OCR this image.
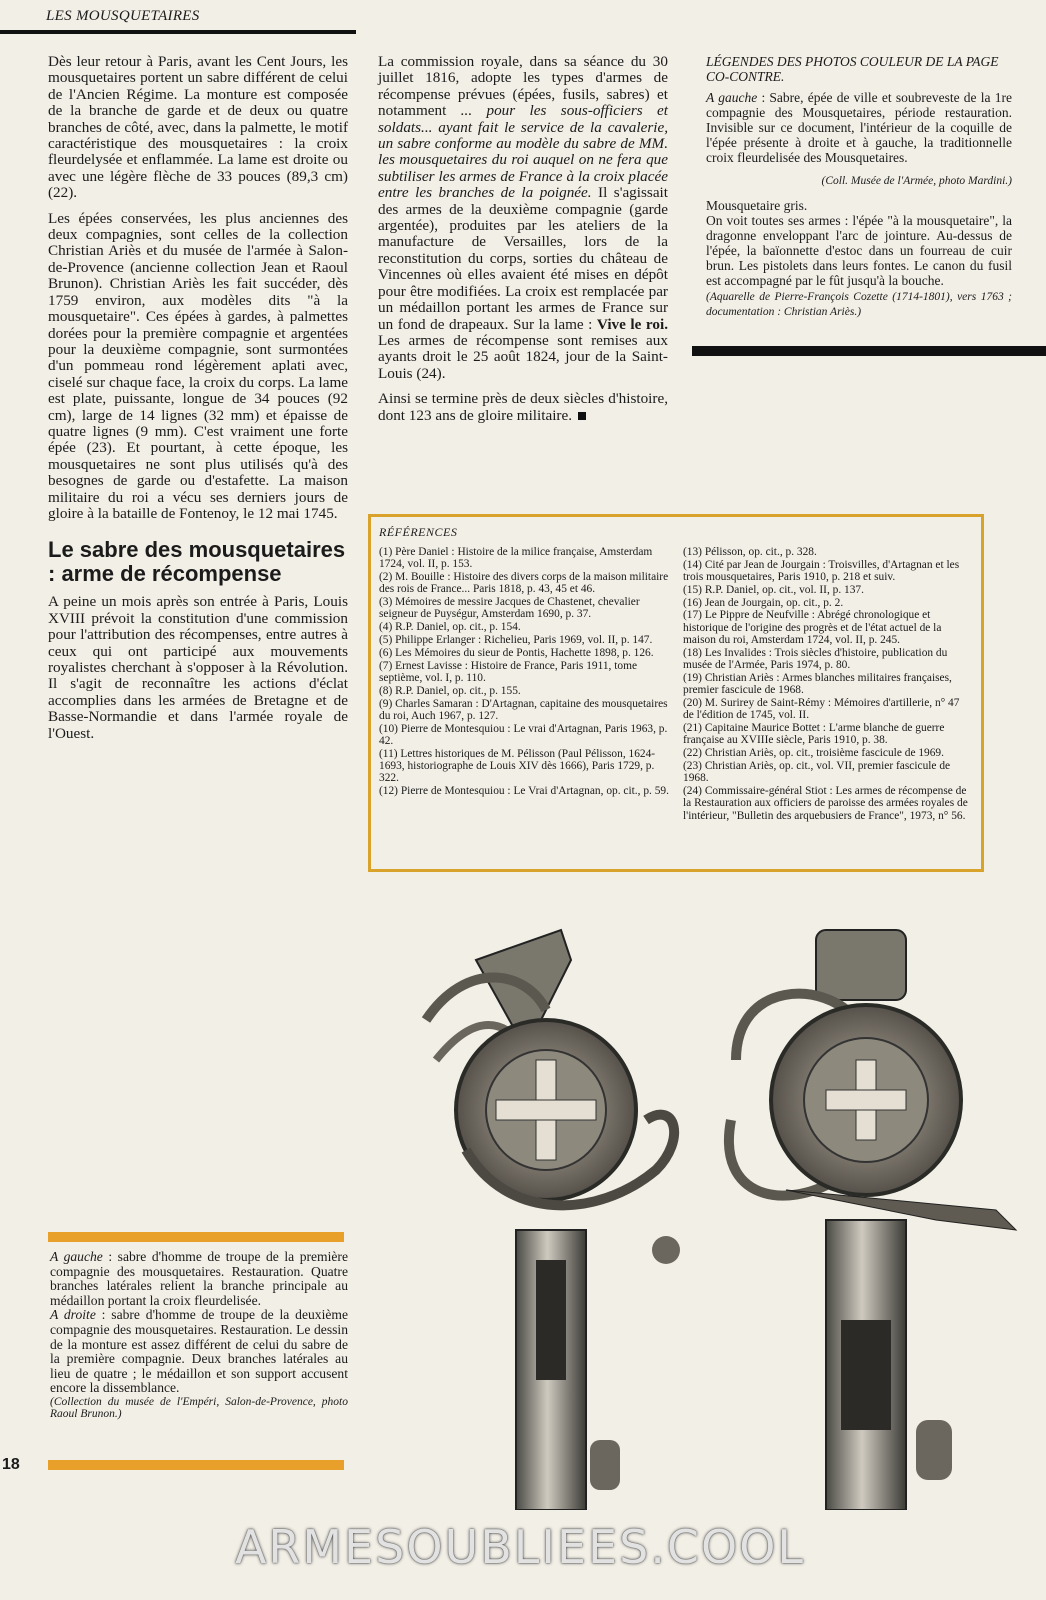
LES MOUSQUETAIRES

Dès leur retour à Paris, avant les Cent Jours, les mousquetaires portent un sabre différent de celui de l'Ancien Régime. La monture est composée de la branche de garde et de deux ou quatre branches de côté, avec, dans la palmette, le motif caractéristique des mousquetaires : la croix fleurdelysée et enflammée. La lame est droite ou avec une légère flèche de 33 pouces (89,3 cm) (22).

Les épées conservées, les plus anciennes des deux compagnies, sont celles de la collection Christian Ariès et du musée de l'armée à Salon-de-Provence (ancienne collection Jean et Raoul Brunon). Christian Ariès les fait succéder, dès 1759 environ, aux modèles dits "à la mousquetaire". Ces épées à gardes, à palmettes dorées pour la première compagnie et argentées pour la deuxième compagnie, sont surmontées d'un pommeau rond légèrement aplati avec, ciselé sur chaque face, la croix du corps. La lame est plate, puissante, longue de 34 pouces (92 cm), large de 14 lignes (32 mm) et épaisse de quatre lignes (9 mm). C'est vraiment une forte épée (23). Et pourtant, à cette époque, les mousquetaires ne sont plus utilisés qu'à des besognes de garde ou d'estafette. La maison militaire du roi a vécu ses derniers jours de gloire à la bataille de Fontenoy, le 12 mai 1745.

Le sabre des mousquetaires : arme de récompense

A peine un mois après son entrée à Paris, Louis XVIII prévoit la constitution d'une commission pour l'attribution des récompenses, entre autres à ceux qui ont participé aux mouvements royalistes cherchant à s'opposer à la Révolution. Il s'agit de reconnaître les actions d'éclat accomplies dans les armées de Bretagne et de Basse-Normandie et dans l'armée royale de l'Ouest.

La commission royale, dans sa séance du 30 juillet 1816, adopte les types d'armes de récompense prévues (épées, fusils, sabres) et notamment ... pour les sous-officiers et soldats... ayant fait le service de la cavalerie, un sabre conforme au modèle du sabre de MM. les mousquetaires du roi auquel on ne fera que subtiliser les armes de France à la croix placée entre les branches de la poignée. Il s'agissait des armes de la deuxième compagnie (garde argentée), produites par les ateliers de la manufacture de Versailles, lors de la reconstitution du corps, sorties du château de Vincennes où elles avaient été mises en dépôt pour être modifiées. La croix est remplacée par un médaillon portant les armes de France sur un fond de drapeaux. Sur la lame : Vive le roi. Les armes de récompense sont remises aux ayants droit le 25 août 1824, jour de la Saint-Louis (24).

Ainsi se termine près de deux siècles d'histoire, dont 123 ans de gloire militaire.

LÉGENDES DES PHOTOS COULEUR DE LA PAGE CO-CONTRE.

A gauche : Sabre, épée de ville et soubreveste de la 1re compagnie des Mousquetaires, période restauration. Invisible sur ce document, l'intérieur de la coquille de l'épée présente à droite et à gauche, la traditionnelle croix fleurdelisée des Mousquetaires.

(Coll. Musée de l'Armée, photo Mardini.)

Mousquetaire gris.

On voit toutes ses armes : l'épée "à la mousquetaire", la dragonne enveloppant l'arc de jointure. Au-dessus de l'épée, la baïonnette d'estoc dans un fourreau de cuir brun. Les pistolets dans leurs fontes. Le canon du fusil est accompagné par le fût jusqu'à la bouche.

(Aquarelle de Pierre-François Cozette (1714-1801), vers 1763 ; documentation : Christian Ariès.)

RÉFÉRENCES
(1) Père Daniel : Histoire de la milice française, Amsterdam 1724, vol. II, p. 153.
(2) M. Bouille : Histoire des divers corps de la maison militaire des rois de France... Paris 1818, p. 43, 45 et 46.
(3) Mémoires de messire Jacques de Chastenet, chevalier seigneur de Puységur, Amsterdam 1690, p. 37.
(4) R.P. Daniel, op. cit., p. 154.
(5) Philippe Erlanger : Richelieu, Paris 1969, vol. II, p. 147.
(6) Les Mémoires du sieur de Pontis, Hachette 1898, p. 126.
(7) Ernest Lavisse : Histoire de France, Paris 1911, tome septième, vol. I, p. 110.
(8) R.P. Daniel, op. cit., p. 155.
(9) Charles Samaran : D'Artagnan, capitaine des mousquetaires du roi, Auch 1967, p. 127.
(10) Pierre de Montesquiou : Le vrai d'Artagnan, Paris 1963, p. 42.
(11) Lettres historiques de M. Pélisson (Paul Pélisson, 1624-1693, historiographe de Louis XIV dès 1666), Paris 1729, p. 322.
(12) Pierre de Montesquiou : Le Vrai d'Artagnan, op. cit., p. 59.
(13) Pélisson, op. cit., p. 328.
(14) Cité par Jean de Jourgain : Troisvilles, d'Artagnan et les trois mousquetaires, Paris 1910, p. 218 et suiv.
(15) R.P. Daniel, op. cit., vol. II, p. 137.
(16) Jean de Jourgain, op. cit., p. 2.
(17) Le Pippre de Neufville : Abrégé chronologique et historique de l'origine des progrès et de l'état actuel de la maison du roi, Amsterdam 1724, vol. II, p. 245.
(18) Les Invalides : Trois siècles d'histoire, publication du musée de l'Armée, Paris 1974, p. 80.
(19) Christian Ariès : Armes blanches militaires françaises, premier fascicule de 1968.
(20) M. Surirey de Saint-Rémy : Mémoires d'artillerie, n° 47 de l'édition de 1745, vol. II.
(21) Capitaine Maurice Bottet : L'arme blanche de guerre française au XVIIIe siècle, Paris 1910, p. 38.
(22) Christian Ariès, op. cit., troisième fascicule de 1969.
(23) Christian Ariès, op. cit., vol. VII, premier fascicule de 1968.
(24) Commissaire-général Stiot : Les armes de récompense de la Restauration aux officiers de paroisse des armées royales de l'intérieur, "Bulletin des arquebusiers de France", 1973, n° 56.

A gauche : sabre d'homme de troupe de la première compagnie des mousquetaires. Restauration. Quatre branches latérales relient la branche principale au médaillon portant la croix fleurdelisée.

A droite : sabre d'homme de troupe de la deuxième compagnie des mousquetaires. Restauration. Le dessin de la monture est assez différent de celui du sabre de la première compagnie. Deux branches latérales au lieu de quatre ; le médaillon et son support accusent encore la dissemblance.

(Collection du musée de l'Empéri, Salon-de-Provence, photo Raoul Brunon.)

18
ARMESOUBLIEES.COOL
